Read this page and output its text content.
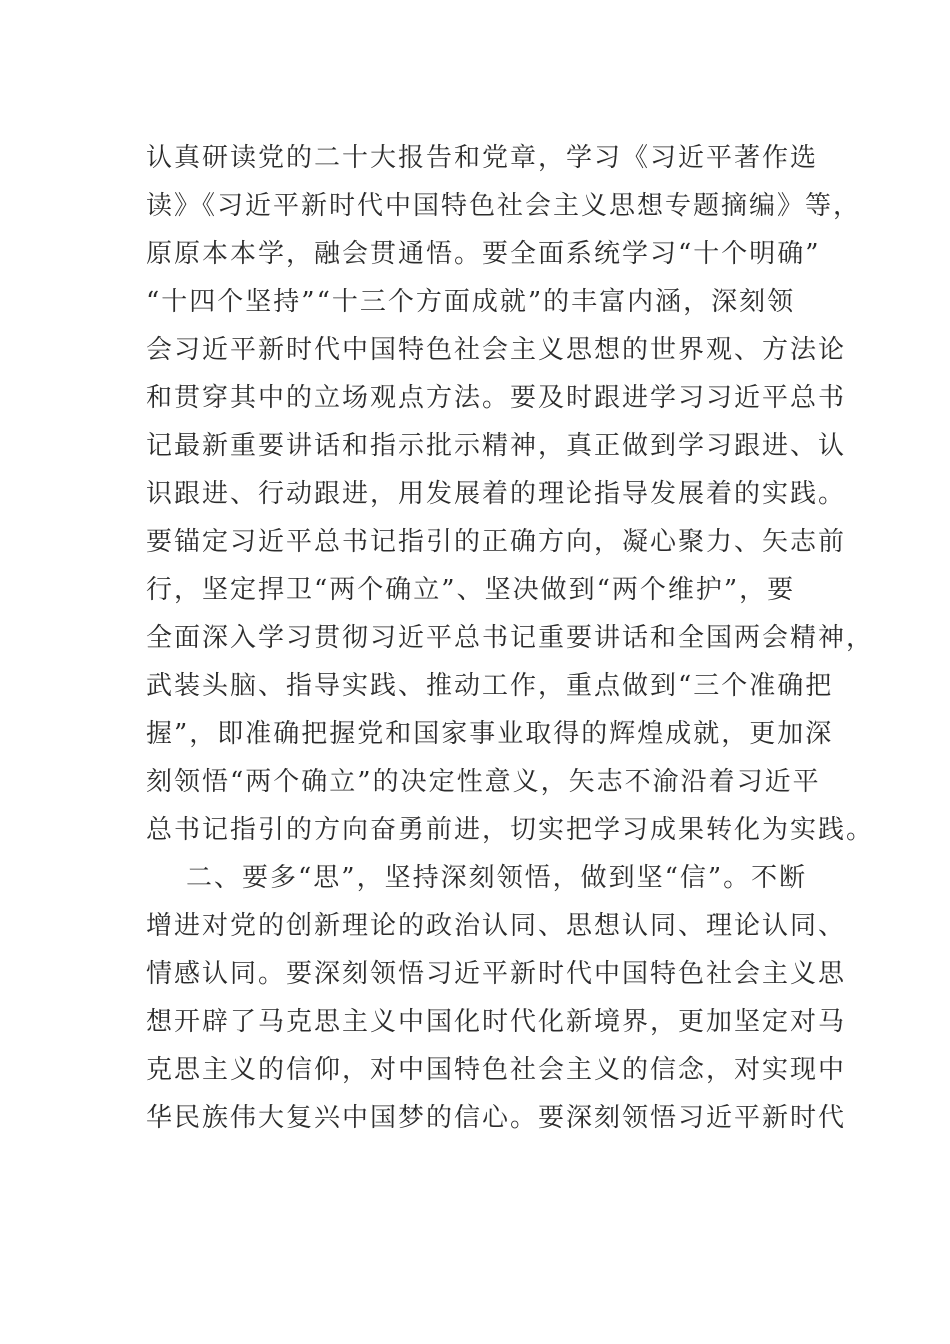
认真研读党的二十大报告和党章，学习《习近平著作选
读》《习近平新时代中国特色社会主义思想专题摘编》等，
原原本本学，融会贯通悟。要全面系统学习“十个明确”
“十四个坚持”“十三个方面成就”的丰富内涵，深刻领
会习近平新时代中国特色社会主义思想的世界观、方法论
和贯穿其中的立场观点方法。要及时跟进学习习近平总书
记最新重要讲话和指示批示精神，真正做到学习跟进、认
识跟进、行动跟进，用发展着的理论指导发展着的实践。
要锚定习近平总书记指引的正确方向，凝心聚力、矢志前
行，坚定捍卫“两个确立”、坚决做到“两个维护”，要
全面深入学习贯彻习近平总书记重要讲话和全国两会精神，
武装头脑、指导实践、推动工作，重点做到“三个准确把
握”，即准确把握党和国家事业取得的辉煌成就，更加深
刻领悟“两个确立”的决定性意义，矢志不渝沿着习近平
总书记指引的方向奋勇前进，切实把学习成果转化为实践。
二、要多“思”，坚持深刻领悟，做到坚“信”。不断
增进对党的创新理论的政治认同、思想认同、理论认同、
情感认同。要深刻领悟习近平新时代中国特色社会主义思
想开辟了马克思主义中国化时代化新境界，更加坚定对马
克思主义的信仰，对中国特色社会主义的信念，对实现中
华民族伟大复兴中国梦的信心。要深刻领悟习近平新时代
